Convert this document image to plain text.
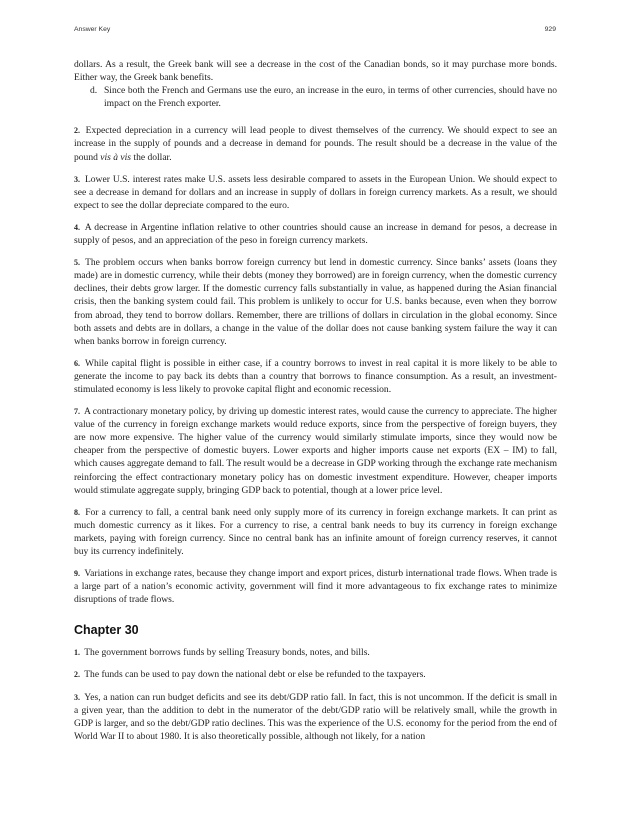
Answer Key	929

dollars. As a result, the Greek bank will see a decrease in the cost of the Canadian bonds, so it may purchase more bonds. Either way, the Greek bank benefits.

d. Since both the French and Germans use the euro, an increase in the euro, in terms of other currencies, should have no impact on the French exporter.

2. Expected depreciation in a currency will lead people to divest themselves of the currency. We should expect to see an increase in the supply of pounds and a decrease in demand for pounds. The result should be a decrease in the value of the pound vis à vis the dollar.

3. Lower U.S. interest rates make U.S. assets less desirable compared to assets in the European Union. We should expect to see a decrease in demand for dollars and an increase in supply of dollars in foreign currency markets. As a result, we should expect to see the dollar depreciate compared to the euro.

4. A decrease in Argentine inflation relative to other countries should cause an increase in demand for pesos, a decrease in supply of pesos, and an appreciation of the peso in foreign currency markets.

5. The problem occurs when banks borrow foreign currency but lend in domestic currency. Since banks’ assets (loans they made) are in domestic currency, while their debts (money they borrowed) are in foreign currency, when the domestic currency declines, their debts grow larger. If the domestic currency falls substantially in value, as happened during the Asian financial crisis, then the banking system could fail. This problem is unlikely to occur for U.S. banks because, even when they borrow from abroad, they tend to borrow dollars. Remember, there are trillions of dollars in circulation in the global economy. Since both assets and debts are in dollars, a change in the value of the dollar does not cause banking system failure the way it can when banks borrow in foreign currency.

6. While capital flight is possible in either case, if a country borrows to invest in real capital it is more likely to be able to generate the income to pay back its debts than a country that borrows to finance consumption. As a result, an investment-stimulated economy is less likely to provoke capital flight and economic recession.

7. A contractionary monetary policy, by driving up domestic interest rates, would cause the currency to appreciate. The higher value of the currency in foreign exchange markets would reduce exports, since from the perspective of foreign buyers, they are now more expensive. The higher value of the currency would similarly stimulate imports, since they would now be cheaper from the perspective of domestic buyers. Lower exports and higher imports cause net exports (EX – IM) to fall, which causes aggregate demand to fall. The result would be a decrease in GDP working through the exchange rate mechanism reinforcing the effect contractionary monetary policy has on domestic investment expenditure. However, cheaper imports would stimulate aggregate supply, bringing GDP back to potential, though at a lower price level.

8. For a currency to fall, a central bank need only supply more of its currency in foreign exchange markets. It can print as much domestic currency as it likes. For a currency to rise, a central bank needs to buy its currency in foreign exchange markets, paying with foreign currency. Since no central bank has an infinite amount of foreign currency reserves, it cannot buy its currency indefinitely.

9. Variations in exchange rates, because they change import and export prices, disturb international trade flows. When trade is a large part of a nation’s economic activity, government will find it more advantageous to fix exchange rates to minimize disruptions of trade flows.

Chapter 30

1. The government borrows funds by selling Treasury bonds, notes, and bills.

2. The funds can be used to pay down the national debt or else be refunded to the taxpayers.

3. Yes, a nation can run budget deficits and see its debt/GDP ratio fall. In fact, this is not uncommon. If the deficit is small in a given year, than the addition to debt in the numerator of the debt/GDP ratio will be relatively small, while the growth in GDP is larger, and so the debt/GDP ratio declines. This was the experience of the U.S. economy for the period from the end of World War II to about 1980. It is also theoretically possible, although not likely, for a nation
